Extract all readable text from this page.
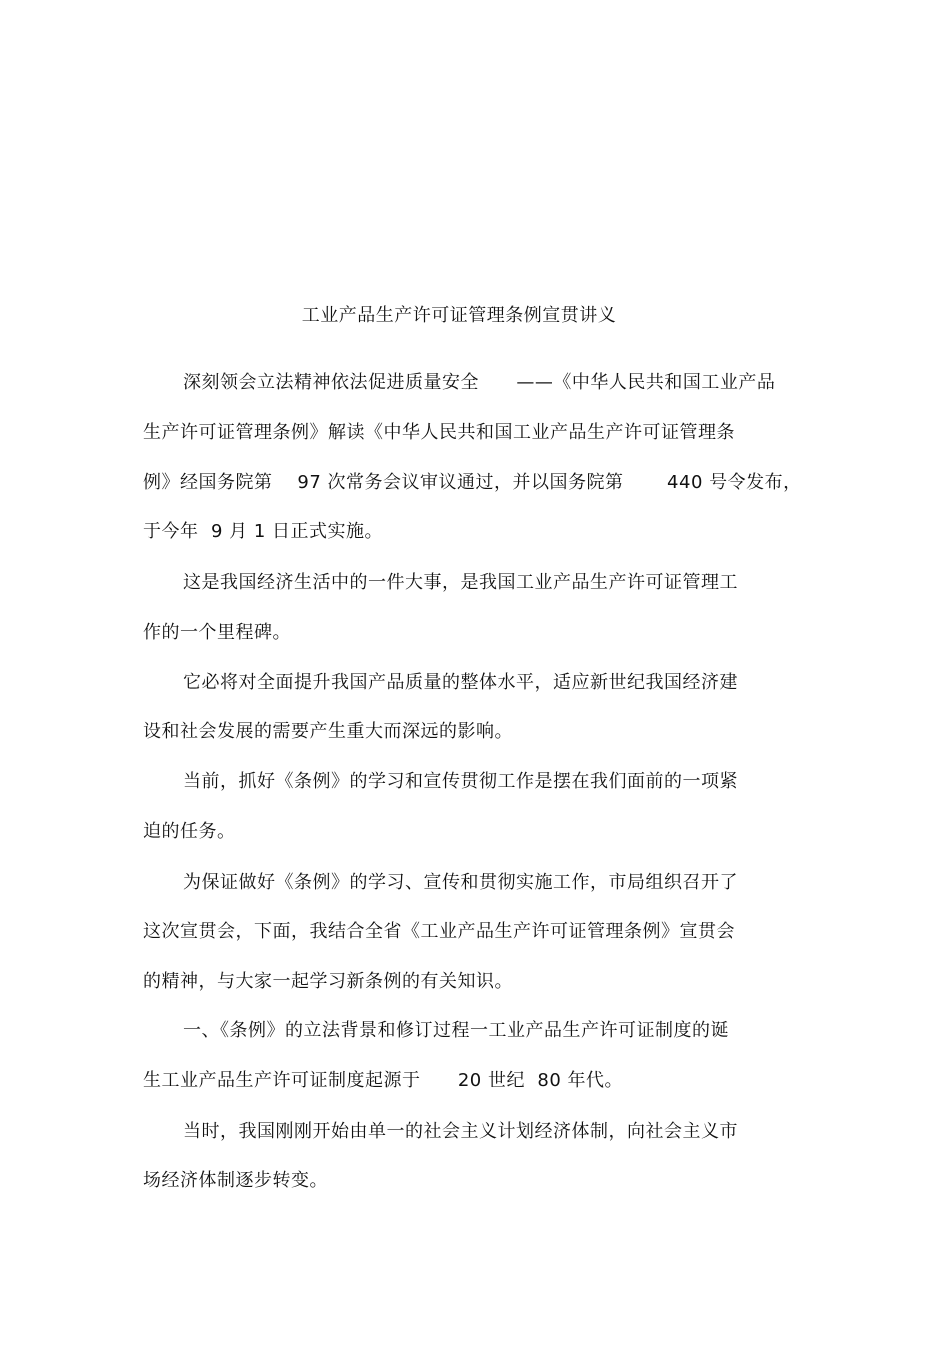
工业产品生产许可证管理条例宣贯讲义
深刻领会立法精神依法促进质量安全      ——《中华人民共和国工业产品
生产许可证管理条例》解读《中华人民共和国工业产品生产许可证管理条
例》经国务院第    97 次常务会议审议通过，并以国务院第       440 号令发布，
于今年  9 月 1 日正式实施。
这是我国经济生活中的一件大事，是我国工业产品生产许可证管理工
作的一个里程碑。
它必将对全面提升我国产品质量的整体水平，适应新世纪我国经济建
设和社会发展的需要产生重大而深远的影响。
当前，抓好《条例》的学习和宣传贯彻工作是摆在我们面前的一项紧
迫的任务。
为保证做好《条例》的学习、宣传和贯彻实施工作，市局组织召开了
这次宣贯会，下面，我结合全省《工业产品生产许可证管理条例》宣贯会
的精神，与大家一起学习新条例的有关知识。
一、《条例》的立法背景和修订过程一工业产品生产许可证制度的诞
生工业产品生产许可证制度起源于      20 世纪  80 年代。
当时，我国刚刚开始由单一的社会主义计划经济体制，向社会主义市
场经济体制逐步转变。
